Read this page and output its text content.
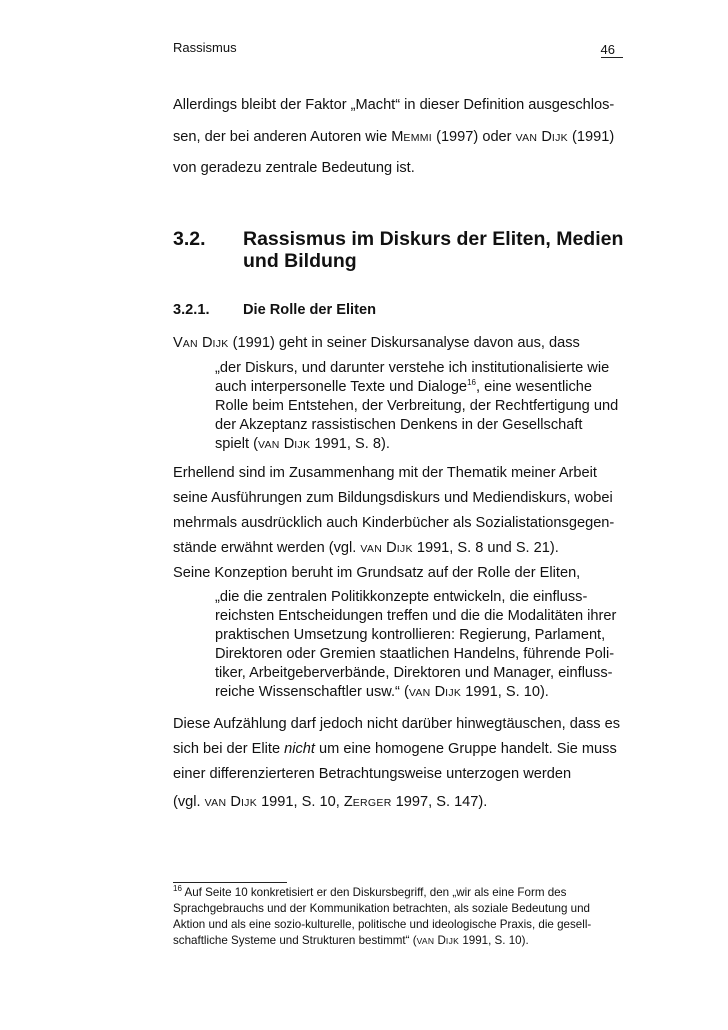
Rassismus	46
Allerdings bleibt der Faktor „Macht“ in dieser Definition ausgeschlos-
sen, der bei anderen Autoren wie MEMMI (1997) oder VAN DIJK (1991)
von geradezu zentrale Bedeutung ist.
3.2. Rassismus im Diskurs der Eliten, Medien
und Bildung
3.2.1. Die Rolle der Eliten
VAN DIJK (1991) geht in seiner Diskursanalyse davon aus, dass
„der Diskurs, und darunter verstehe ich institutionalisierte wie
auch interpersonelle Texte und Dialoge$^{16}$, eine wesentliche
Rolle beim Entstehen, der Verbreitung, der Rechtfertigung und
der Akzeptanz rassistischen Denkens in der Gesellschaft
spielt (VAN DIJK 1991, S. 8).
Erhellend sind im Zusammenhang mit der Thematik meiner Arbeit
seine Ausführungen zum Bildungsdiskurs und Mediendiskurs, wobei
mehrmals ausdrücklich auch Kinderbücher als Sozialistationsgegen-
stände erwähnt werden (vgl. VAN DIJK 1991, S. 8 und S. 21).
Seine Konzeption beruht im Grundsatz auf der Rolle der Eliten,
„die die zentralen Politikkonzepte entwickeln, die einfluss-
reichsten Entscheidungen treffen und die die Modalitäten ihrer
praktischen Umsetzung kontrollieren: Regierung, Parlament,
Direktoren oder Gremien staatlichen Handelns, führende Poli-
tiker, Arbeitgeberverbände, Direktoren und Manager, einfluss-
reiche Wissenschaftler usw.“ (VAN DIJK 1991, S. 10).
Diese Aufzählung darf jedoch nicht darüber hinwegtäuschen, dass es
sich bei der Elite nicht um eine homogene Gruppe handelt. Sie muss
einer differenzierteren Betrachtungsweise unterzogen werden
(vgl. VAN DIJK 1991, S. 10, ZERGER 1997, S. 147).
$^{16}$ Auf Seite 10 konkretisiert er den Diskursbegriff, den „wir als eine Form des
Sprachgebrauchs und der Kommunikation betrachten, als soziale Bedeutung und
Aktion und als eine sozio-kulturelle, politische und ideologische Praxis, die gesell-
schaftliche Systeme und Strukturen bestimmt“ (VAN DIJK 1991, S. 10).
